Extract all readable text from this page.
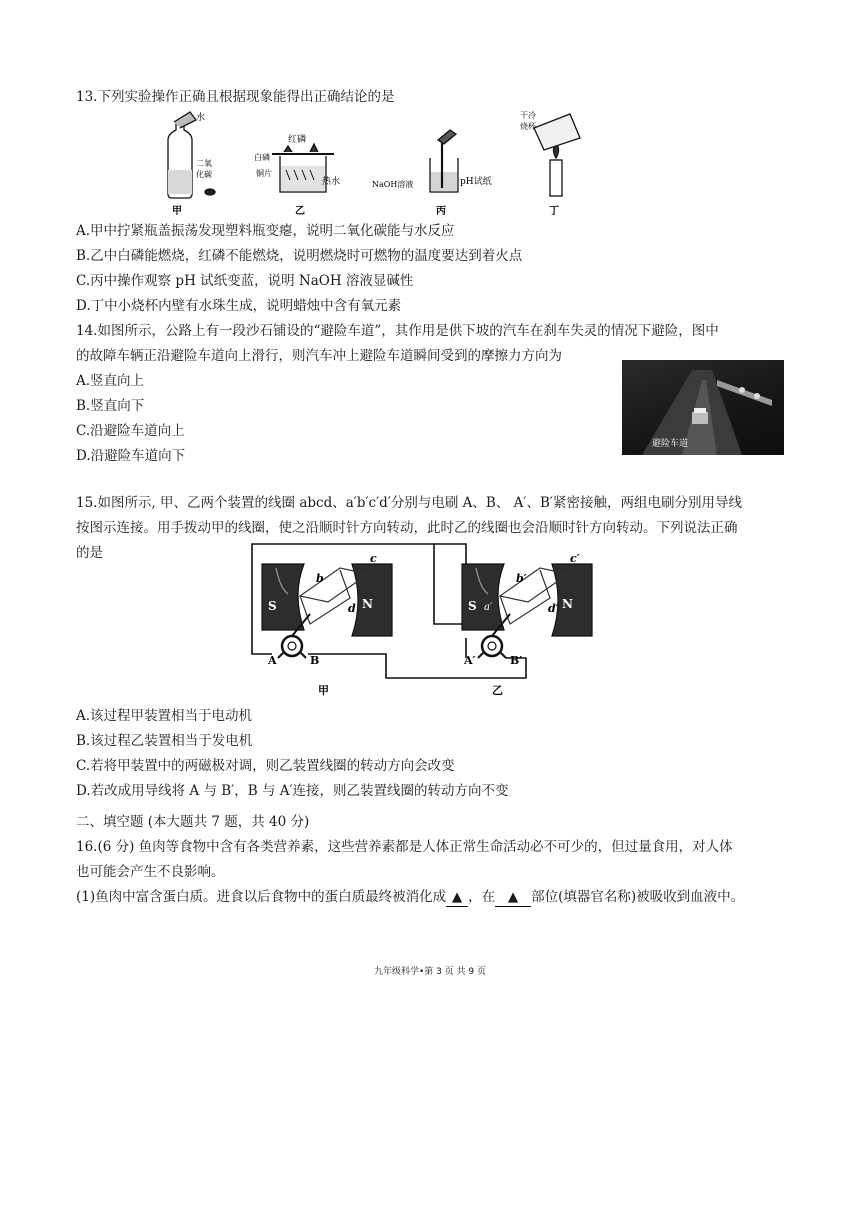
13.下列实验操作正确且根据现象能得出正确结论的是
水
二氧
化碳
甲
红磷
白磷
铜片
热水
乙
NaOH溶液	pH试纸
丙
干冷
烧杯
丁
A.甲中拧紧瓶盖振荡发现塑料瓶变瘪，说明二氧化碳能与水反应
B.乙中白磷能燃烧，红磷不能燃烧，说明燃烧时可燃物的温度要达到着火点
C.丙中操作观察 pH 试纸变蓝，说明 NaOH 溶液显碱性
D.丁中小烧杯内壁有水珠生成，说明蜡烛中含有氧元素
14.如图所示，公路上有一段沙石铺设的“避险车道”，其作用是供下坡的汽车在刹车失灵的情况下避险，图中
的故障车辆正沿避险车道向上滑行，则汽车冲上避险车道瞬间受到的摩擦力方向为
A.竖直向上
B.竖直向下
C.沿避险车道向上
D.沿避险车道向下
避险车道
15.如图所示, 甲、乙两个装置的线圈 abcd、a′b′c′d′分别与电刷 A、B、 A′、B′紧密接触，两组电刷分别用导线
按图示连接。用手拨动甲的线圈，使之沿顺时针方向转动，此时乙的线圈也会沿顺时针方向转动。下列说法正确
的是
S	N
b
c
d
A	B
S a′	N
b′
c′
d′
A′	B′
甲	乙
A.该过程甲装置相当于电动机
B.该过程乙装置相当于发电机
C.若将甲装置中的两磁极对调，则乙装置线圈的转动方向会改变
D.若改成用导线将 A 与 B′，B 与 A′连接，则乙装置线圈的转动方向不变
二、填空题 (本大题共 7 题，共 40 分)
16.(6 分) 鱼肉等食物中含有各类营养素，这些营养素都是人体正常生命活动必不可少的，但过量食用，对人体
也可能会产生不良影响。
(1)鱼肉中富含蛋白质。进食以后食物中的蛋白质最终被消化成 ▲ ，在 ▲ 部位(填器官名称)被吸收到血液中。
九年级科学•第 3 页 共 9 页
